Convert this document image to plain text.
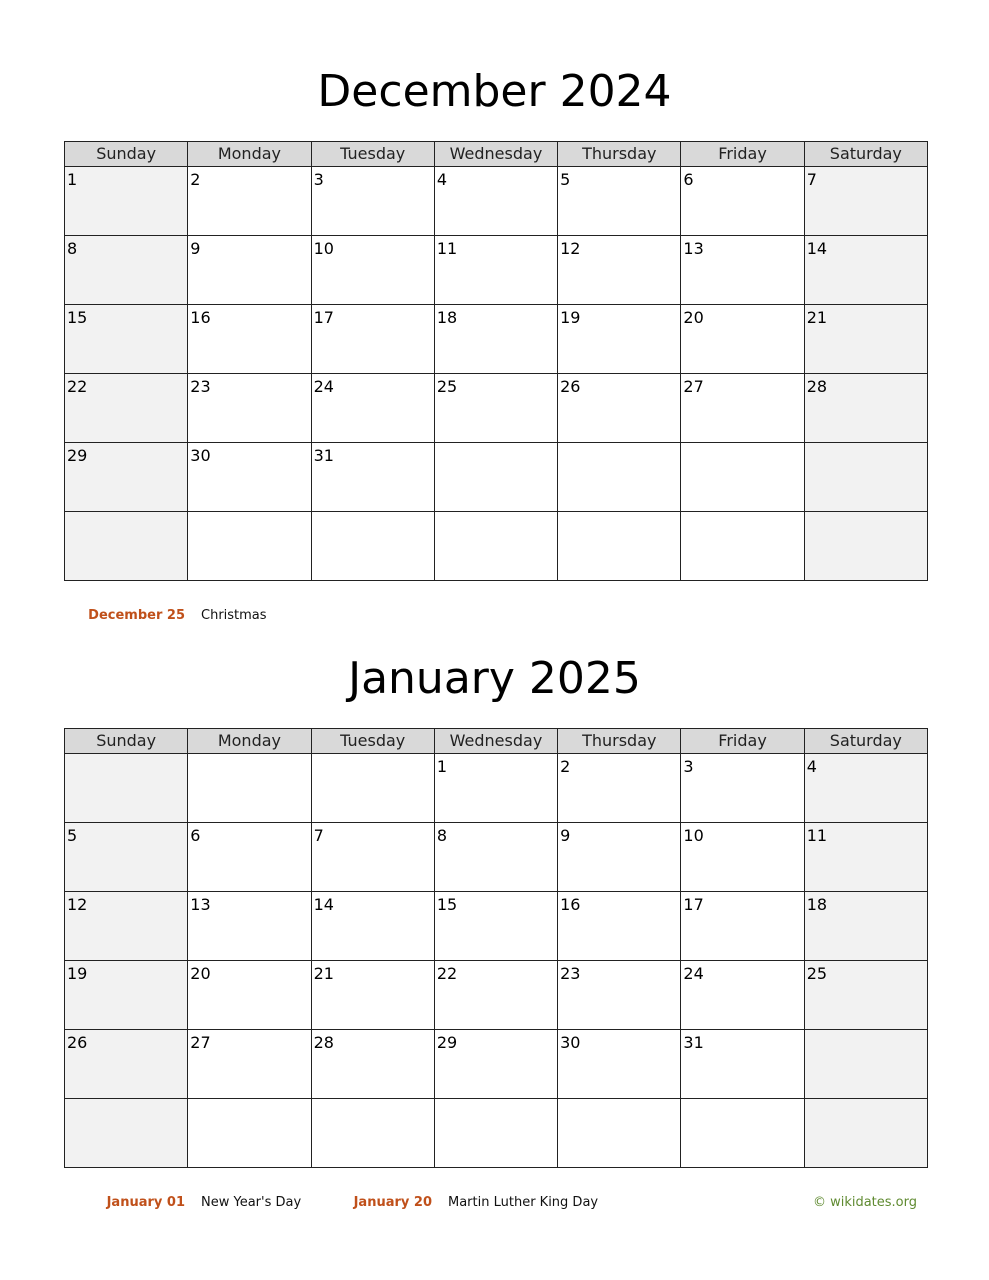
December 2024
Sunday	Monday	Tuesday	Wednesday	Thursday	Friday	Saturday

1	2	3	4	5	6	7

8	9	10	11	12	13	14

15	16	17	18	19	20	21

22	23	24	25	26	27	28

29	30	31				

December 25 Christmas
January 2025
Sunday	Monday	Tuesday	Wednesday	Thursday	Friday	Saturday

			1	2	3	4

5	6	7	8	9	10	11

12	13	14	15	16	17	18

19	20	21	22	23	24	25

26	27	28	29	30	31	

January 01 New Year's Day	January 20 Martin Luther King Day	© wikidates.org
